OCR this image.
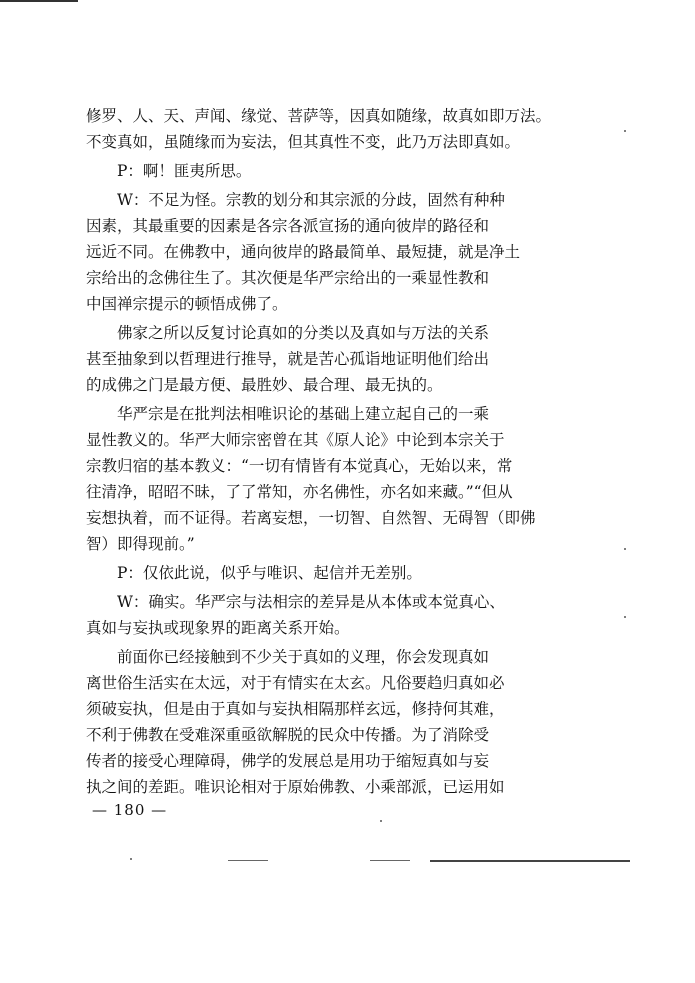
修罗、人、天、声闻、缘觉、菩萨等，因真如随缘，故真如即万法。
不变真如，虽随缘而为妄法，但其真性不变，此乃万法即真如。
P：啊！匪夷所思。
W：不足为怪。宗教的划分和其宗派的分歧，固然有种种
因素，其最重要的因素是各宗各派宣扬的通向彼岸的路径和
远近不同。在佛教中，通向彼岸的路最简单、最短捷，就是净土
宗给出的念佛往生了。其次便是华严宗给出的一乘显性教和
中国禅宗提示的顿悟成佛了。
佛家之所以反复讨论真如的分类以及真如与万法的关系
甚至抽象到以哲理进行推导，就是苦心孤诣地证明他们给出
的成佛之门是最方便、最胜妙、最合理、最无执的。
华严宗是在批判法相唯识论的基础上建立起自己的一乘
显性教义的。华严大师宗密曾在其《原人论》中论到本宗关于
宗教归宿的基本教义：“一切有情皆有本觉真心，无始以来，常
往清净，昭昭不昧，了了常知，亦名佛性，亦名如来藏。”“但从
妄想执着，而不证得。若离妄想，一切智、自然智、无碍智（即佛
智）即得现前。”
P：仅依此说，似乎与唯识、起信并无差别。
W：确实。华严宗与法相宗的差异是从本体或本觉真心、
真如与妄执或现象界的距离关系开始。
前面你已经接触到不少关于真如的义理，你会发现真如
离世俗生活实在太远，对于有情实在太玄。凡俗要趋归真如必
须破妄执，但是由于真如与妄执相隔那样玄远，修持何其难，
不利于佛教在受难深重亟欲解脱的民众中传播。为了消除受
传者的接受心理障碍，佛学的发展总是用功于缩短真如与妄
执之间的差距。唯识论相对于原始佛教、小乘部派，已运用如
— 180 —
